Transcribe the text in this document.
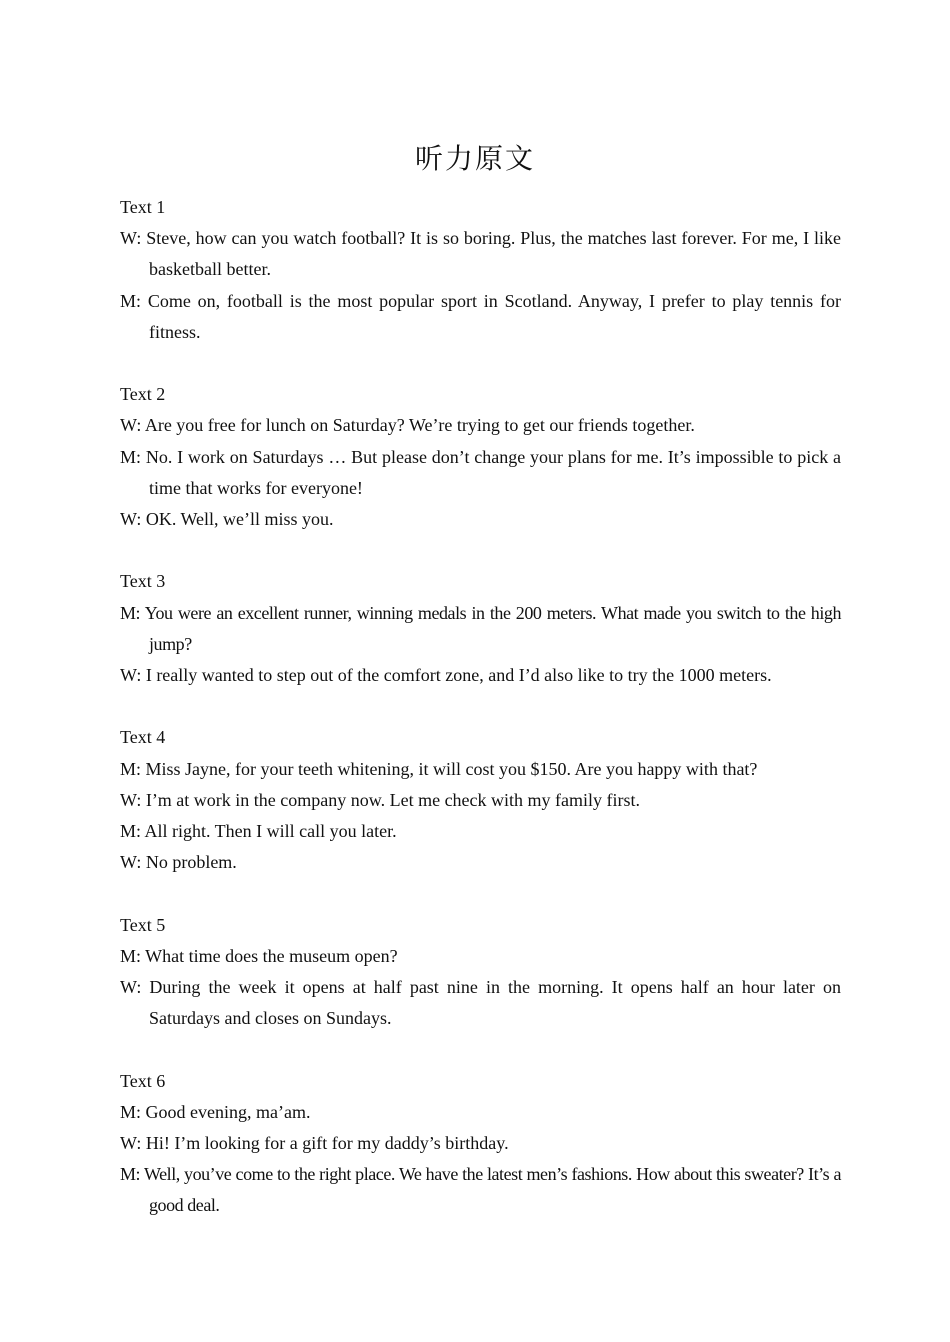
听力原文

Text 1

W: Steve, how can you watch football? It is so boring. Plus, the matches last forever. For me, I like basketball better.

M: Come on, football is the most popular sport in Scotland. Anyway, I prefer to play tennis for fitness.

Text 2

W: Are you free for lunch on Saturday? We’re trying to get our friends together.

M: No. I work on Saturdays … But please don’t change your plans for me. It’s impossible to pick a time that works for everyone!

W: OK. Well, we’ll miss you.

Text 3

M: You were an excellent runner, winning medals in the 200 meters. What made you switch to the high jump?

W: I really wanted to step out of the comfort zone, and I’d also like to try the 1000 meters.

Text 4

M: Miss Jayne, for your teeth whitening, it will cost you $150. Are you happy with that?

W: I’m at work in the company now. Let me check with my family first.

M: All right. Then I will call you later.

W: No problem.

Text 5

M: What time does the museum open?

W: During the week it opens at half past nine in the morning. It opens half an hour later on Saturdays and closes on Sundays.

Text 6

M: Good evening, ma’am.

W: Hi! I’m looking for a gift for my daddy’s birthday.

M: Well, you’ve come to the right place. We have the latest men’s fashions. How about this sweater? It’s a good deal.
